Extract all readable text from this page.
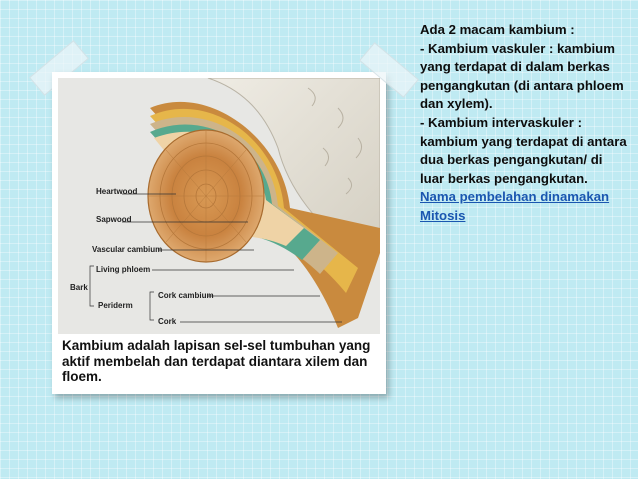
Heartwood
Sapwood
Vascular cambium
Bark
Living phloem
Periderm
Cork cambium
Cork
Kambium adalah lapisan sel-sel tumbuhan yang aktif membelah dan terdapat diantara xilem dan floem.

Ada 2 macam kambium :

- Kambium vaskuler : kambium yang terdapat di dalam berkas pengangkutan (di antara phloem dan xylem).

- Kambium intervaskuler : kambium yang terdapat di antara dua berkas pengangkutan/ di luar berkas pengangkutan.

Nama pembelahan dinamakan Mitosis
